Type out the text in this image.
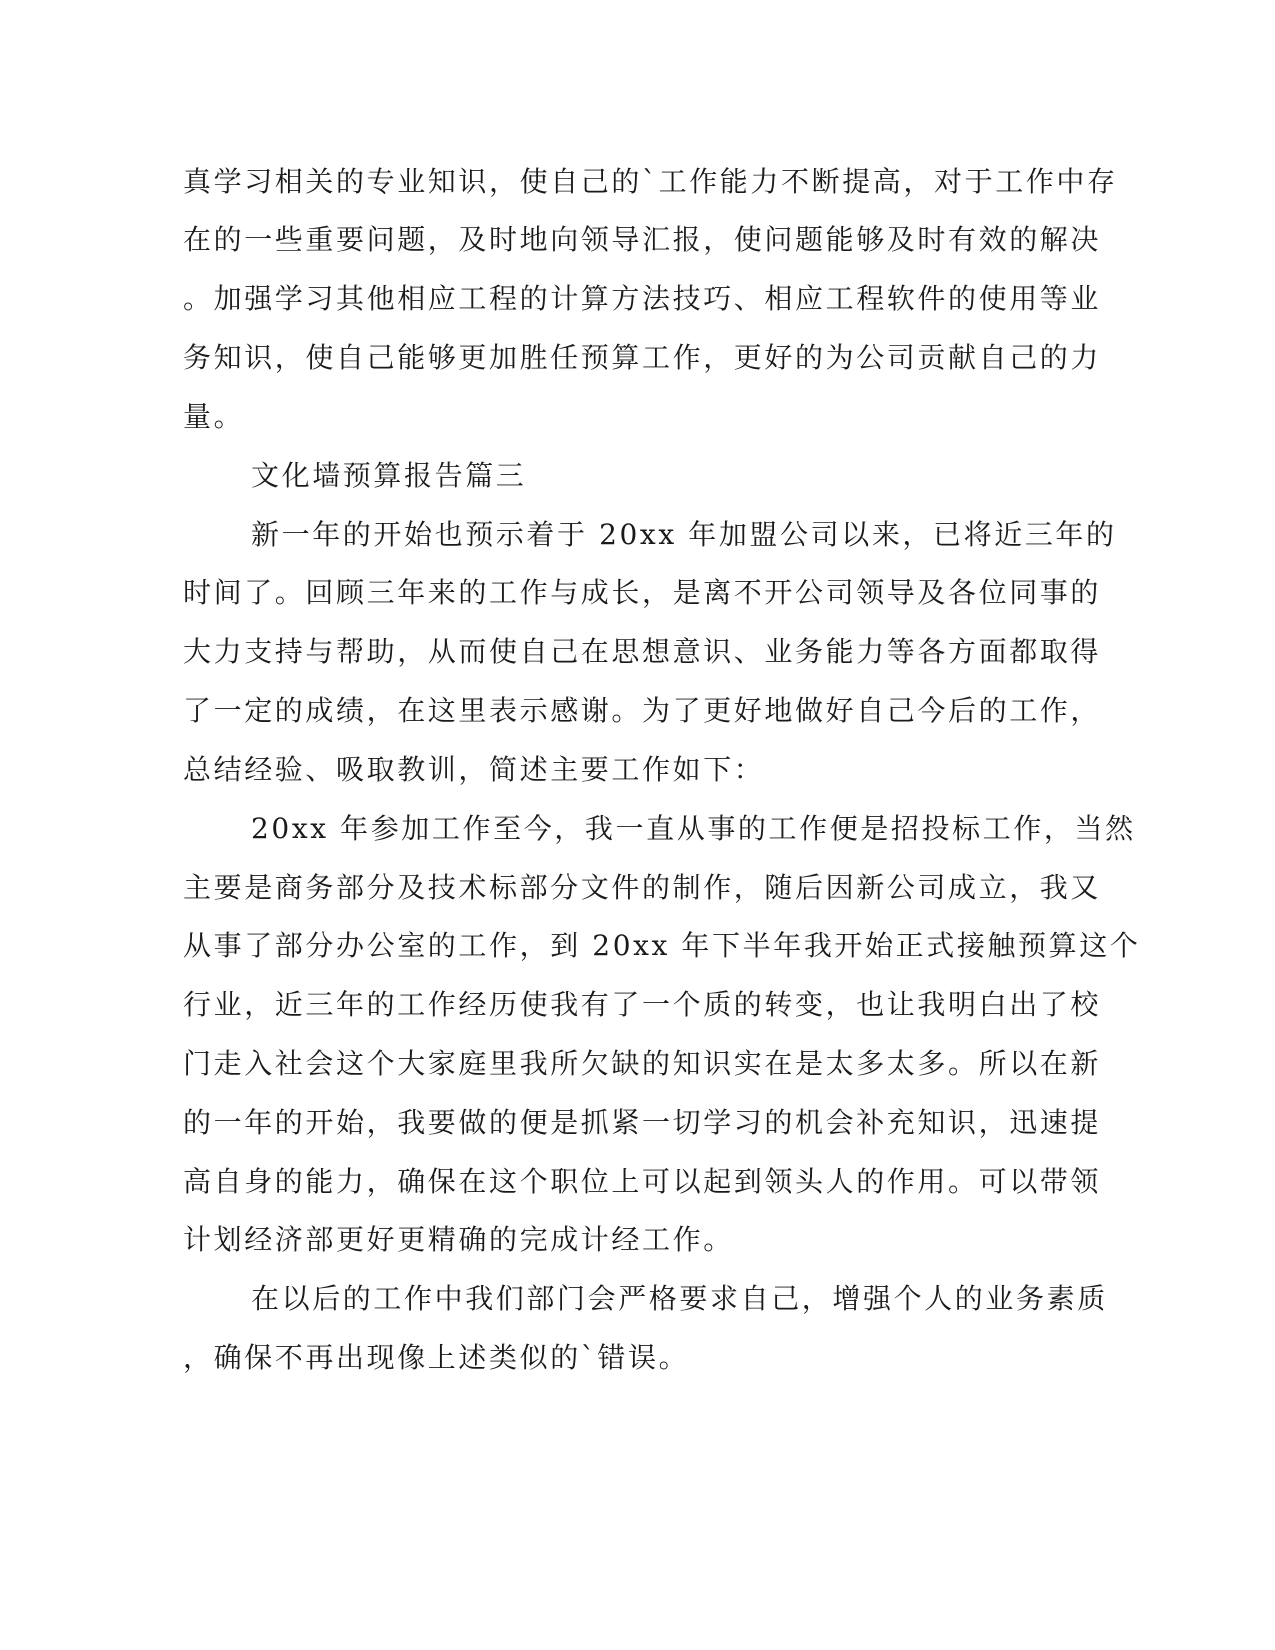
真学习相关的专业知识，使自己的`工作能力不断提高，对于工作中存
在的一些重要问题，及时地向领导汇报，使问题能够及时有效的解决
。加强学习其他相应工程的计算方法技巧、相应工程软件的使用等业
务知识，使自己能够更加胜任预算工作，更好的为公司贡献自己的力
量。
文化墙预算报告篇三
新一年的开始也预示着于 20xx 年加盟公司以来，已将近三年的
时间了。回顾三年来的工作与成长，是离不开公司领导及各位同事的
大力支持与帮助，从而使自己在思想意识、业务能力等各方面都取得
了一定的成绩，在这里表示感谢。为了更好地做好自己今后的工作，
总结经验、吸取教训，简述主要工作如下：
20xx 年参加工作至今，我一直从事的工作便是招投标工作，当然
主要是商务部分及技术标部分文件的制作，随后因新公司成立，我又
从事了部分办公室的工作，到 20xx 年下半年我开始正式接触预算这个
行业，近三年的工作经历使我有了一个质的转变，也让我明白出了校
门走入社会这个大家庭里我所欠缺的知识实在是太多太多。所以在新
的一年的开始，我要做的便是抓紧一切学习的机会补充知识，迅速提
高自身的能力，确保在这个职位上可以起到领头人的作用。可以带领
计划经济部更好更精确的完成计经工作。
在以后的工作中我们部门会严格要求自己，增强个人的业务素质
，确保不再出现像上述类似的`错误。
